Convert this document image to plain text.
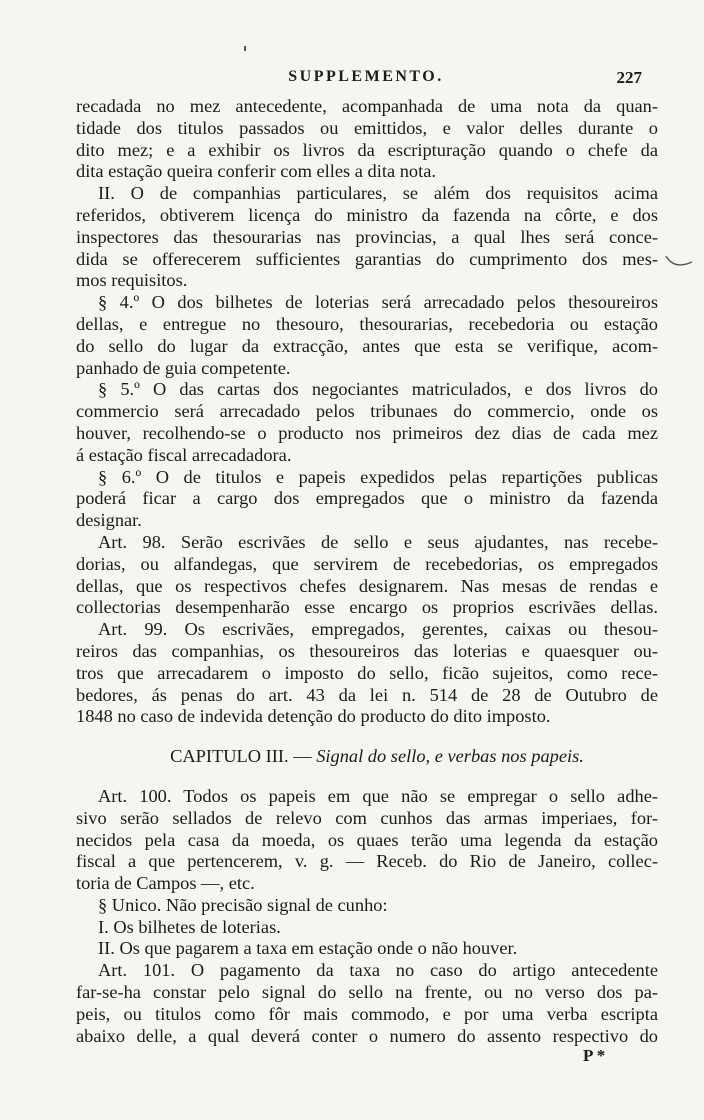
SUPPLEMENTO.	227
recadada no mez antecedente, acompanhada de uma nota da quan-
tidade dos titulos passados ou emittidos, e valor delles durante o
dito mez; e a exhibir os livros da escripturação quando o chefe da
dita estação queira conferir com elles a dita nota.
II. O de companhias particulares, se além dos requisitos acima
referidos, obtiverem licença do ministro da fazenda na côrte, e dos
inspectores das thesourarias nas provincias, a qual lhes será conce-
dida se offerecerem sufficientes garantias do cumprimento dos mes-
mos requisitos.
§ 4.º O dos bilhetes de loterias será arrecadado pelos thesoureiros
dellas, e entregue no thesouro, thesourarias, recebedoria ou estação
do sello do lugar da extracção, antes que esta se verifique, acom-
panhado de guia competente.
§ 5.º O das cartas dos negociantes matriculados, e dos livros do
commercio será arrecadado pelos tribunaes do commercio, onde os
houver, recolhendo-se o producto nos primeiros dez dias de cada mez
á estação fiscal arrecadadora.
§ 6.º O de titulos e papeis expedidos pelas repartições publicas
poderá ficar a cargo dos empregados que o ministro da fazenda
designar.
Art. 98. Serão escrivães de sello e seus ajudantes, nas recebe-
dorias, ou alfandegas, que servirem de recebedorias, os empregados
dellas, que os respectivos chefes designarem. Nas mesas de rendas e
collectorias desempenharão esse encargo os proprios escrivães dellas.
Art. 99. Os escrivães, empregados, gerentes, caixas ou thesou-
reiros das companhias, os thesoureiros das loterias e quaesquer ou-
tros que arrecadarem o imposto do sello, ficão sujeitos, como rece-
bedores, ás penas do art. 43 da lei n. 514 de 28 de Outubro de
1848 no caso de indevida detenção do producto do dito imposto.
CAPITULO III. — Signal do sello, e verbas nos papeis.
Art. 100. Todos os papeis em que não se empregar o sello adhe-
sivo serão sellados de relevo com cunhos das armas imperiaes, for-
necidos pela casa da moeda, os quaes terão uma legenda da estação
fiscal a que pertencerem, v. g. — Receb. do Rio de Janeiro, collec-
toria de Campos —, etc.
§ Unico. Não precisão signal de cunho:
I. Os bilhetes de loterias.
II. Os que pagarem a taxa em estação onde o não houver.
Art. 101. O pagamento da taxa no caso do artigo antecedente
far-se-ha constar pelo signal do sello na frente, ou no verso dos pa-
peis, ou titulos como fôr mais commodo, e por uma verba escripta
abaixo delle, a qual deverá conter o numero do assento respectivo do
P *
